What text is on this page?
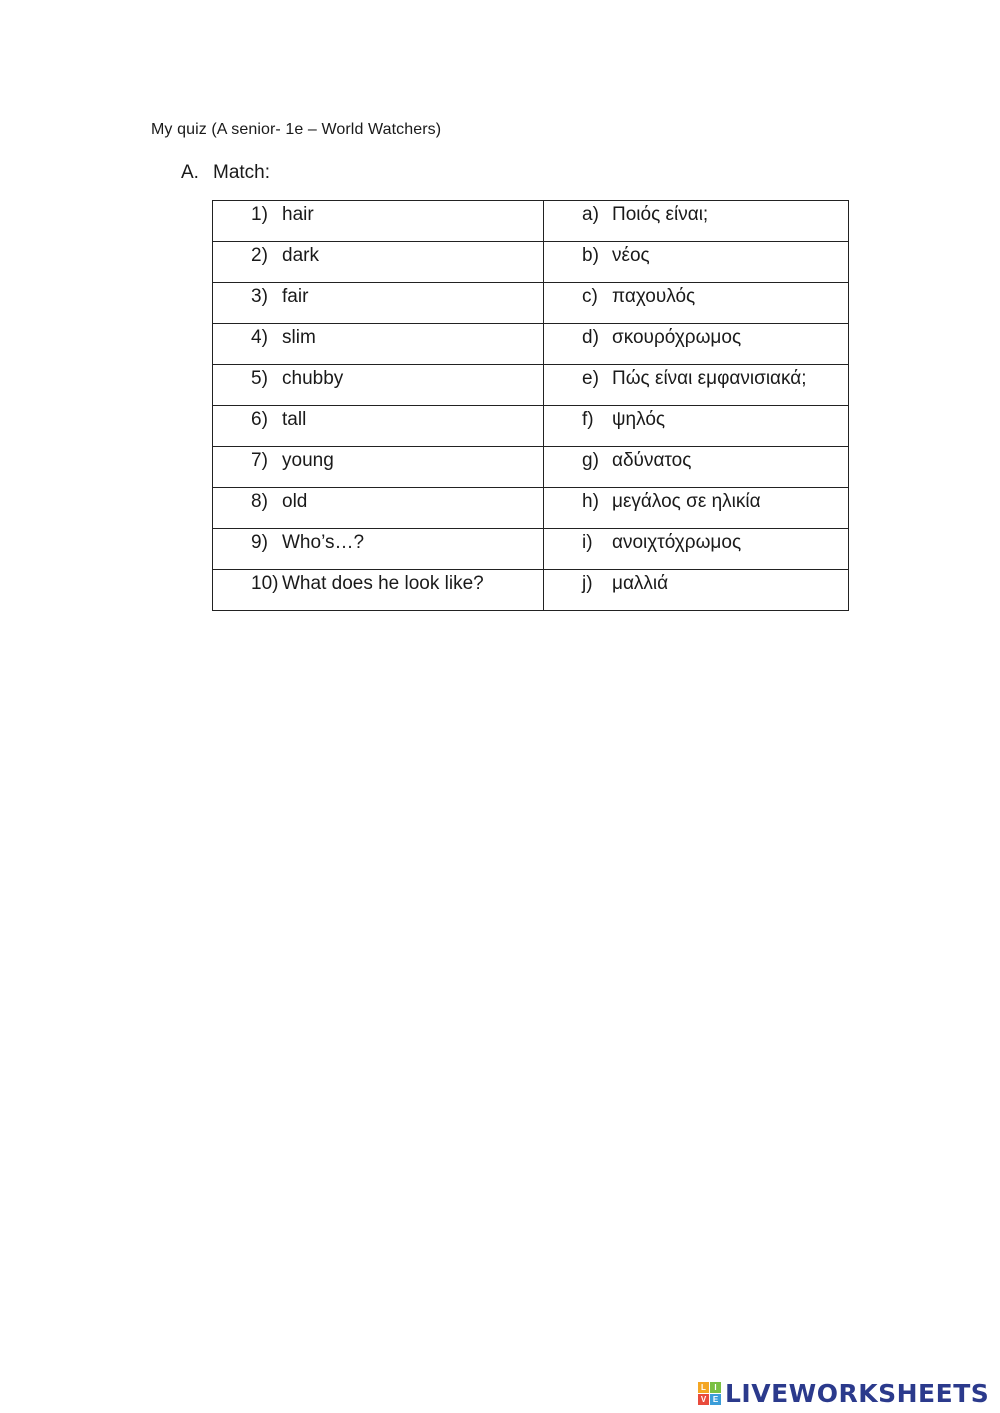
My quiz (A senior- 1e – World Watchers)
A. Match:
1) hair	a) Ποιός είναι;

2) dark	b) νέος

3) fair	c) παχουλός

4) slim	d) σκουρόχρωμος

5) chubby	e) Πώς είναι εμφανισιακά;

6) tall	f) ψηλός

7) young	g) αδύνατος

8) old	h) μεγάλος σε ηλικία

9) Who’s…?	i) ανοιχτόχρωμος

10) What does he look like?	j) μαλλιά
L	I
V E LIVEWORKSHEETS
